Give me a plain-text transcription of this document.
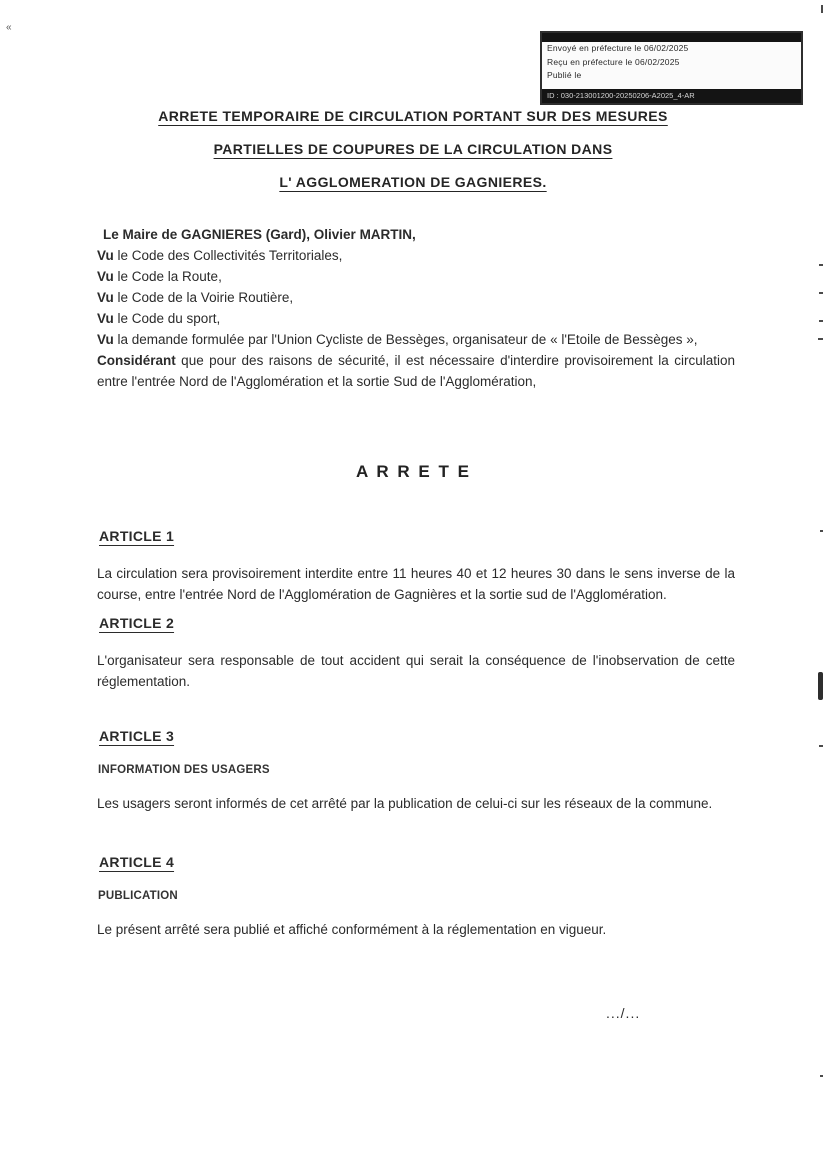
Envoyé en préfecture le 06/02/2025
Reçu en préfecture le 06/02/2025
Publié le
ID : 030-213001200-20250206-A2025_4-AR
ARRETE TEMPORAIRE DE CIRCULATION PORTANT SUR DES MESURES
PARTIELLES DE COUPURES DE LA CIRCULATION DANS
L' AGGLOMERATION DE GAGNIERES.

Le Maire de GAGNIERES (Gard), Olivier MARTIN,

Vu le Code des Collectivités Territoriales,

Vu le Code la Route,

Vu le Code de la Voirie Routière,

Vu le Code du sport,

Vu la demande formulée par l'Union Cycliste de Bessèges, organisateur de « l'Etoile de Bessèges »,

Considérant que pour des raisons de sécurité, il est nécessaire d'interdire provisoirement la circulation entre l'entrée Nord de l'Agglomération et la sortie Sud de l'Agglomération,

A R R E T E
ARTICLE 1

La circulation sera provisoirement interdite entre 11 heures 40 et 12 heures 30 dans le sens inverse de la course, entre l'entrée Nord de l'Agglomération de Gagnières et la sortie sud de l'Agglomération.

ARTICLE 2

L'organisateur sera responsable de tout accident qui serait la conséquence de l'inobservation de cette réglementation.

ARTICLE 3
INFORMATION DES USAGERS

Les usagers seront informés de cet arrêté par la publication de celui-ci sur les réseaux de la commune.

ARTICLE 4
PUBLICATION

Le présent arrêté sera publié et affiché conformément à la réglementation en vigueur.

.../...
«
